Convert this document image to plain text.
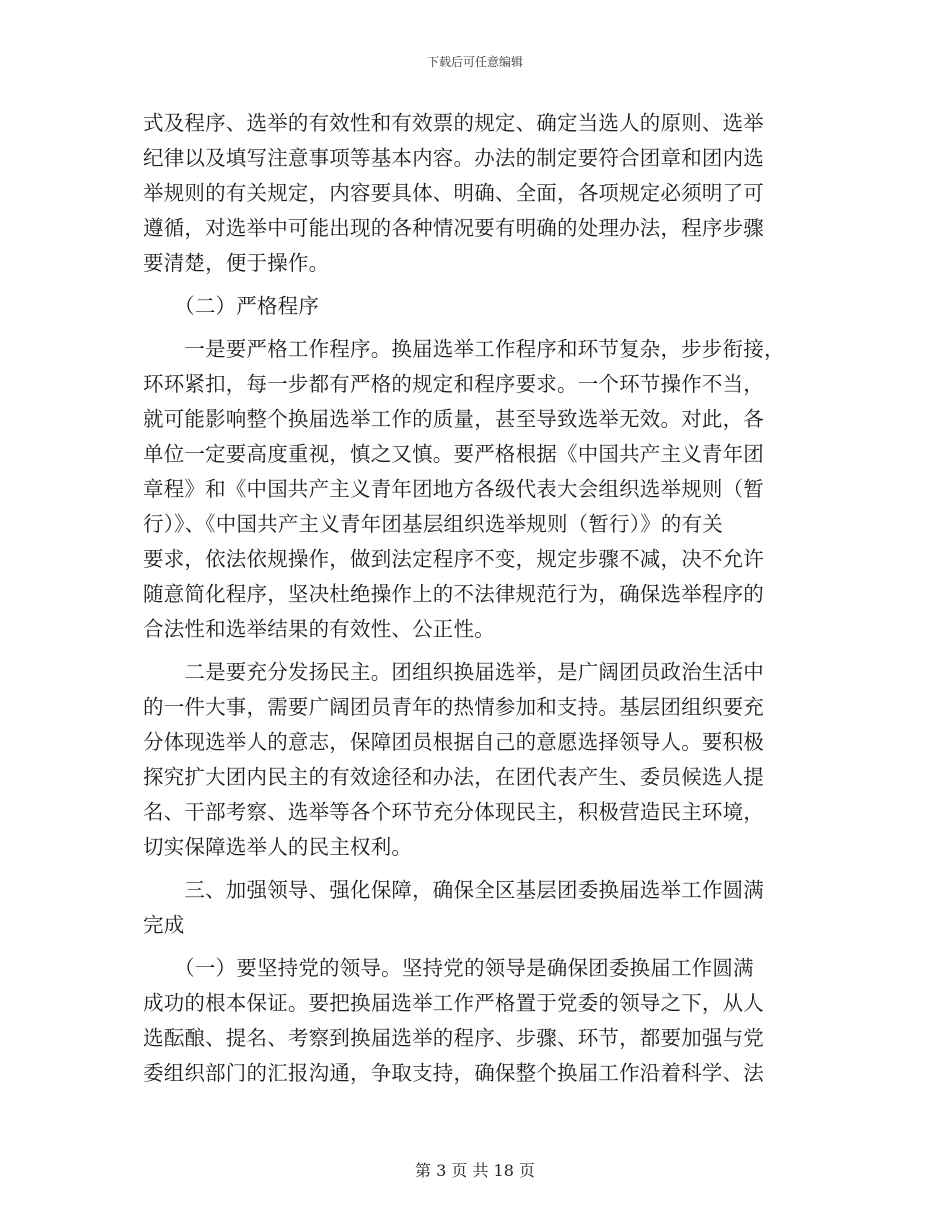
下载后可任意编辑
式及程序、选举的有效性和有效票的规定、确定当选人的原则、选举
纪律以及填写注意事项等基本内容。办法的制定要符合团章和团内选
举规则的有关规定，内容要具体、明确、全面，各项规定必须明了可
遵循，对选举中可能出现的各种情况要有明确的处理办法，程序步骤
要清楚，便于操作。
　　（二）严格程序
　　一是要严格工作程序。换届选举工作程序和环节复杂，步步衔接，
环环紧扣，每一步都有严格的规定和程序要求。一个环节操作不当，
就可能影响整个换届选举工作的质量，甚至导致选举无效。对此，各
单位一定要高度重视，慎之又慎。要严格根据《中国共产主义青年团
章程》和《中国共产主义青年团地方各级代表大会组织选举规则（暂
行）》、《中国共产主义青年团基层组织选举规则（暂行）》的有关
要求，依法依规操作，做到法定程序不变，规定步骤不减，决不允许
随意简化程序，坚决杜绝操作上的不法律规范行为，确保选举程序的
合法性和选举结果的有效性、公正性。
　　二是要充分发扬民主。团组织换届选举，是广阔团员政治生活中
的一件大事，需要广阔团员青年的热情参加和支持。基层团组织要充
分体现选举人的意志，保障团员根据自己的意愿选择领导人。要积极
探究扩大团内民主的有效途径和办法，在团代表产生、委员候选人提
名、干部考察、选举等各个环节充分体现民主，积极营造民主环境，
切实保障选举人的民主权利。
　　三、加强领导、强化保障，确保全区基层团委换届选举工作圆满
完成
　　（一）要坚持党的领导。坚持党的领导是确保团委换届工作圆满
成功的根本保证。要把换届选举工作严格置于党委的领导之下，从人
选酝酿、提名、考察到换届选举的程序、步骤、环节，都要加强与党
委组织部门的汇报沟通，争取支持，确保整个换届工作沿着科学、法
第 3 页 共 18 页
